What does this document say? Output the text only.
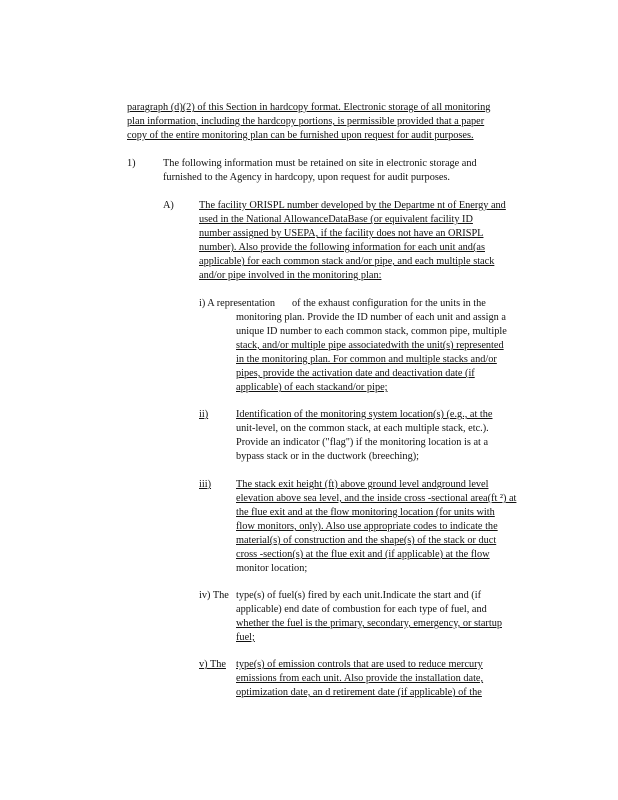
paragraph (d)(2) of this Section in hardcopy format. Electronic storage of all monitoring
plan information, including the hardcopy portions, is permissible provided that a paper
copy of the entire monitoring plan can be furnished upon request for audit purposes.
1)	The following information must be retained on site in electronic storage and
furnished to the Agency in hardcopy, upon request for audit purposes.
A) The facility ORISPL number developed by the Departme nt of Energy and
used in the National AllowanceDataBase (or equivalent facility ID
number assigned by USEPA, if the facility does not have an ORISPL
number). Also provide the following information for each unit and(as
applicable) for each common stack and/or pipe, and each multiple stack
and/or pipe involved in the monitoring plan:
i) A representation of the exhaust configuration for the units in the
monitoring plan. Provide the ID number of each unit and assign a
unique ID number to each common stack, common pipe, multiple
stack, and/or multiple pipe associatedwith the unit(s) represented
in the monitoring plan. For common and multiple stacks and/or
pipes, provide the activation date and deactivation date (if
applicable) of each stackand/or pipe;
ii)	Identification of the monitoring system location(s) (e.g., at the
unit-level, on the common stack, at each multiple stack, etc.).
Provide an indicator ("flag") if the monitoring location is at a
bypass stack or in the ductwork (breeching);
iii) The stack exit height (ft) above ground level andground level
elevation above sea level, and the inside cross -sectional area(ft ²) at
the flue exit and at the flow monitoring location (for units with
flow monitors, only). Also use appropriate codes to indicate the
material(s) of construction and the shape(s) of the stack or duct
cross -section(s) at the flue exit and (if applicable) at the flow
monitor location;
iv) The type(s) of fuel(s) fired by each unit.Indicate the start and (if
applicable) end date of combustion for each type of fuel, and
whether the fuel is the primary, secondary, emergency, or startup
fuel;
v) The type(s) of emission controls that are used to reduce mercury
emissions from each unit. Also provide the installation date,
optimization date, an d retirement date (if applicable) of the
